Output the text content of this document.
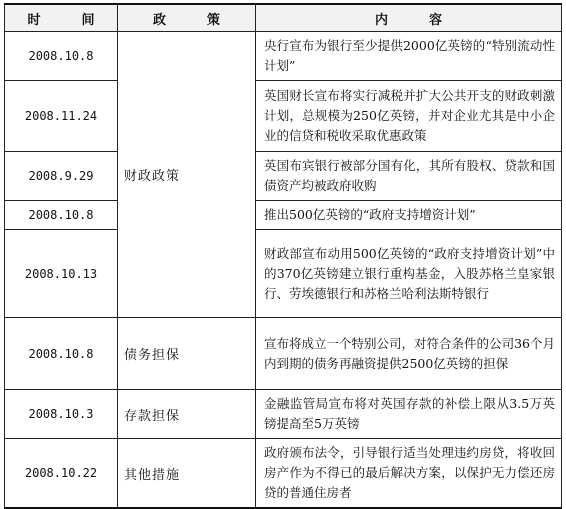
时　间	政　策	内　容
2008.10.8	财政政策	央行宣布为银行至少提供2000亿英镑的“特别流动性计划”
2008.11.24		英国财长宣布将实行减税并扩大公共开支的财政刺激计划，总规模为250亿英镑，并对企业尤其是中小企业的信贷和税收采取优惠政策
2008.9.29		英国布宾银行被部分国有化，其所有股权、贷款和国债资产均被政府收购
2008.10.8		推出500亿英镑的“政府支持增资计划”
2008.10.13		财政部宣布动用500亿英镑的“政府支持增资计划”中的370亿英镑建立银行重构基金，入股苏格兰皇家银行、劳埃德银行和苏格兰哈利法斯特银行
2008.10.8	债务担保	宣布将成立一个特别公司，对符合条件的公司36个月内到期的债务再融资提供2500亿英镑的担保
2008.10.3	存款担保	金融监管局宣布将对英国存款的补偿上限从3.5万英镑提高至5万英镑
2008.10.22	其他措施	政府颁布法令，引导银行适当处理违约房贷，将收回房产作为不得已的最后解决方案，以保护无力偿还房贷的普通住房者
